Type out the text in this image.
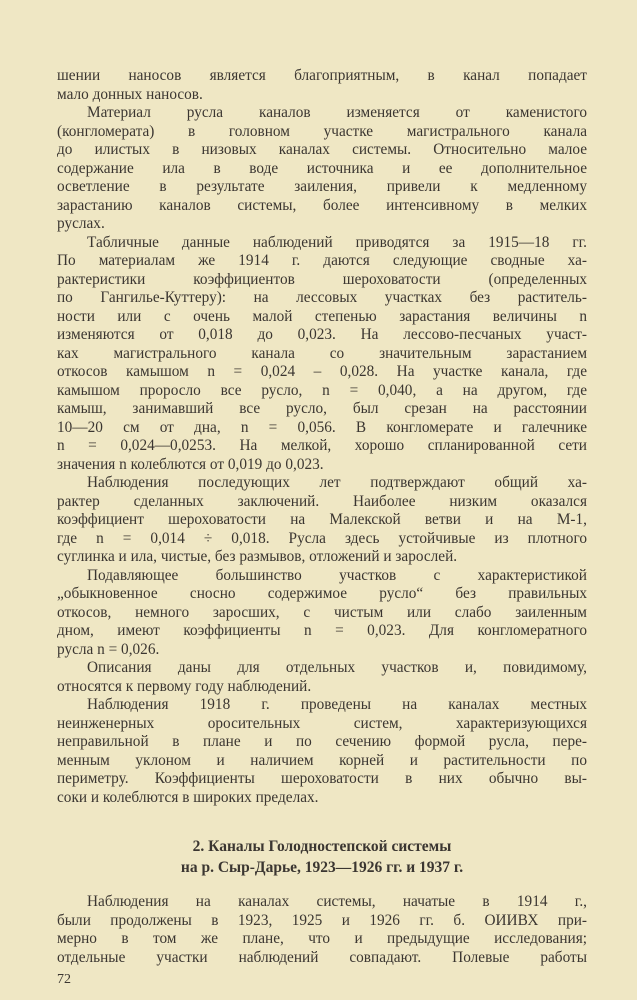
шении наносов является благоприятным, в канал попадает
мало донных наносов.
Материал русла каналов изменяется от каменистого
(конгломерата) в головном участке магистрального канала
до илистых в низовых каналах системы. Относительно малое
содержание ила в воде источника и ее дополнительное
осветление в результате заиления, привели к медленному
зарастанию каналов системы, более интенсивному в мелких
руслах.
Табличные данные наблюдений приводятся за 1915—18 гг.
По материалам же 1914 г. даются следующие сводные ха-
рактеристики коэффициентов шероховатости (определенных
по Гангилье-Куттеру): на лессовых участках без раститель-
ности или с очень малой степенью зарастания величины n
изменяются от 0,018 до 0,023. На лессово-песчаных участ-
ках магистрального канала со значительным зарастанием
откосов камышом n = 0,024 – 0,028. На участке канала, где
камышом проросло все русло, n = 0,040, а на другом, где
камыш, занимавший все русло, был срезан на расстоянии
10—20 см от дна, n = 0,056. В конгломерате и галечнике
n = 0,024—0,0253. На мелкой, хорошо спланированной сети
значения n колеблются от 0,019 до 0,023.
Наблюдения последующих лет подтверждают общий ха-
рактер сделанных заключений. Наиболее низким оказался
коэффициент шероховатости на Малекской ветви и на М-1,
где n = 0,014 ÷ 0,018. Русла здесь устойчивые из плотного
суглинка и ила, чистые, без размывов, отложений и зарослей.
Подавляющее большинство участков с характеристикой
„обыкновенное сносно содержимое русло“ без правильных
откосов, немного заросших, с чистым или слабо заиленным
дном, имеют коэффициенты n = 0,023. Для конгломератного
русла n = 0,026.
Описания даны для отдельных участков и, повидимому,
относятся к первому году наблюдений.
Наблюдения 1918 г. проведены на каналах местных
неинженерных оросительных систем, характеризующихся
неправильной в плане и по сечению формой русла, пере-
менным уклоном и наличием корней и растительности по
периметру. Коэффициенты шероховатости в них обычно вы-
соки и колеблются в широких пределах.
2. Каналы Голодностепской системы
на р. Сыр-Дарье, 1923—1926 гг. и 1937 г.
Наблюдения на каналах системы, начатые в 1914 г.,
были продолжены в 1923, 1925 и 1926 гг. б. ОИИВХ при-
мерно в том же плане, что и предыдущие исследования;
отдельные участки наблюдений совпадают. Полевые работы
72
